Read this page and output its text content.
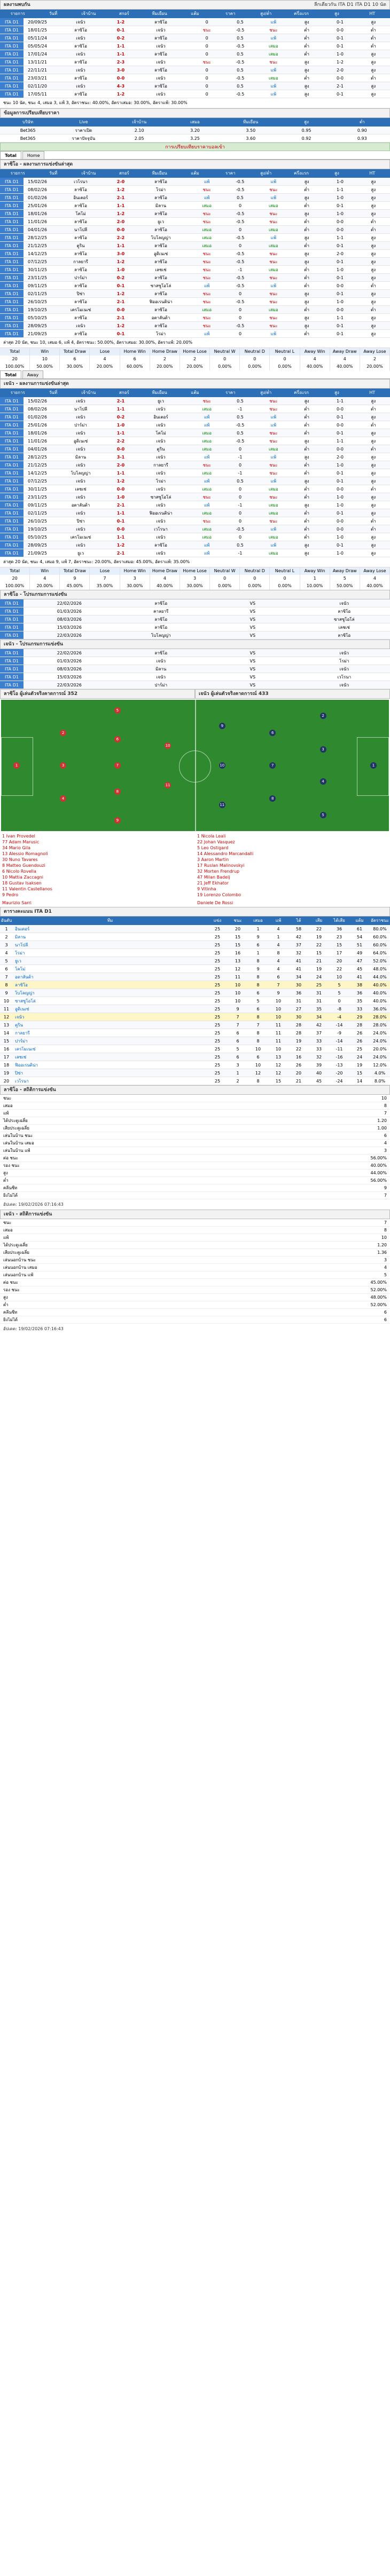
ผลงานพบกัน	ลีกเดียวกัน ITA D1 ITA D1 10 นัด
รายการ	วันที่	เจ้าบ้าน	สกอร์	ทีมเยือน	แต้ม	ราคา	สูง/ต่ำ	ครึ่งแรก	สูง	HT
ITA D1	20/09/25	เจนัว	1-2	ลาซิโอ	0	0.5	แพ้	สูง	0-1	สูง
ITA D1	18/01/25	ลาซิโอ	0-1	เจนัว	ชนะ	-0.5	ชนะ	ต่ำ	0-0	ต่ำ
ITA D1	05/11/24	เจนัว	0-2	ลาซิโอ	0	0.5	แพ้	ต่ำ	0-1	ต่ำ
ITA D1	05/05/24	ลาซิโอ	1-1	เจนัว	0	-0.5	เสมอ	ต่ำ	0-1	ต่ำ
ITA D1	17/01/24	เจนัว	1-1	ลาซิโอ	0	0.5	เสมอ	ต่ำ	1-0	สูง
ITA D1	13/11/21	ลาซิโอ	2-3	เจนัว	ชนะ	-0.5	ชนะ	สูง	1-2	สูง
ITA D1	22/11/21	เจนัว	3-0	ลาซิโอ	0	0.5	แพ้	สูง	2-0	สูง
ITA D1	23/03/21	ลาซิโอ	0-0	เจนัว	0	-0.5	เสมอ	ต่ำ	0-0	ต่ำ
ITA D1	02/11/20	เจนัว	4-3	ลาซิโอ	0	0.5	แพ้	สูง	2-1	สูง
ITA D1	17/05/11	ลาซิโอ	1-2	เจนัว	0	-0.5	แพ้	สูง	0-1	สูง
ชนะ 10 นัด, ชนะ 4, เสมอ 3, แพ้ 3, อัตราชนะ: 40.00%, อัตราเสมอ: 30.00%, อัตราแพ้: 30.00%
ข้อมูลการเปรียบเทียบราคา
บริษัท	Live	เจ้าบ้าน	เสมอ	ทีมเยือน	สูง	ต่ำ
Bet365	ราคาเปิด	2.10	3.20	3.50	0.95	0.90
Bet365	ราคาปัจจุบัน	2.05	3.25	3.60	0.92	0.93
การเปรียบเทียบราคาบอลเข้า
Total	Home
ลาซิโอ - ผลงานการแข่งขันล่าสุด
รายการ	วันที่	เจ้าบ้าน	สกอร์	ทีมเยือน	แต้ม	ราคา	สูง/ต่ำ	ครึ่งแรก	สูง	HT
ITA D1	15/02/26	เวโรนา	2-0	ลาซิโอ	แพ้	-0.5	แพ้	สูง	1-0	สูง
ITA D1	08/02/26	ลาซิโอ	1-2	โรม่า	ชนะ	-0.5	ชนะ	ต่ำ	1-1	สูง
ITA D1	01/02/26	อินเตอร์	2-1	ลาซิโอ	แพ้	0.5	แพ้	สูง	1-0	สูง
ITA D1	25/01/26	ลาซิโอ	1-1	มิลาน	เสมอ	0	เสมอ	ต่ำ	0-1	สูง
ITA D1	18/01/26	โคโม่	1-2	ลาซิโอ	ชนะ	-0.5	ชนะ	สูง	1-0	สูง
ITA D1	11/01/26	ลาซิโอ	2-0	ยูเว	ชนะ	-0.5	ชนะ	ต่ำ	0-0	ต่ำ
ITA D1	04/01/26	นาโปลี	0-0	ลาซิโอ	เสมอ	0	เสมอ	ต่ำ	0-0	ต่ำ
ITA D1	28/12/25	ลาซิโอ	2-2	โบโลญญ่า	เสมอ	-0.5	แพ้	สูง	1-1	สูง
ITA D1	21/12/25	ตูริน	1-1	ลาซิโอ	เสมอ	0	เสมอ	ต่ำ	0-1	สูง
ITA D1	14/12/25	ลาซิโอ	3-0	อูดิเนเซ่	ชนะ	-0.5	ชนะ	สูง	2-0	สูง
ITA D1	07/12/25	กาลยารี	1-2	ลาซิโอ	ชนะ	-0.5	ชนะ	สูง	0-1	สูง
ITA D1	30/11/25	ลาซิโอ	1-0	เลชเช่	ชนะ	-1	เสมอ	ต่ำ	1-0	สูง
ITA D1	23/11/25	ปาร์ม่า	0-2	ลาซิโอ	ชนะ	-0.5	ชนะ	ต่ำ	0-1	สูง
ITA D1	09/11/25	ลาซิโอ	0-1	ซาสซูโอโล่	แพ้	-0.5	แพ้	ต่ำ	0-0	ต่ำ
ITA D1	02/11/25	ปิซ่า	1-2	ลาซิโอ	ชนะ	0	ชนะ	สูง	0-1	สูง
ITA D1	26/10/25	ลาซิโอ	2-1	ฟิออเรนติน่า	ชนะ	-0.5	ชนะ	สูง	1-0	สูง
ITA D1	19/10/25	เครโมเนเซ่	0-0	ลาซิโอ	เสมอ	0	เสมอ	ต่ำ	0-0	ต่ำ
ITA D1	05/10/25	ลาซิโอ	2-1	อตาลันต้า	ชนะ	0	ชนะ	สูง	1-1	สูง
ITA D1	28/09/25	เจนัว	1-2	ลาซิโอ	ชนะ	-0.5	ชนะ	สูง	0-1	สูง
ITA D1	21/09/25	ลาซิโอ	0-1	โรม่า	แพ้	0	แพ้	ต่ำ	0-1	สูง
ล่าสุด 20 นัด, ชนะ 10, เสมอ 6, แพ้ 4, อัตราชนะ: 50.00%, อัตราเสมอ: 30.00%, อัตราแพ้: 20.00%
Total	Win	Total Draw	Lose	Home Win	Home Draw	Home Lose	Neutral W	Neutral D	Neutral L	Away Win	Away Draw	Away Lose
20	10	6	4	6	2	2	0	0	0	4	4	2
100.00%	50.00%	30.00%	20.00%	60.00%	20.00%	20.00%	0.00%	0.00%	0.00%	40.00%	40.00%	20.00%
Total	Away
เจนัว - ผลงานการแข่งขันล่าสุด
รายการ	วันที่	เจ้าบ้าน	สกอร์	ทีมเยือน	แต้ม	ราคา	สูง/ต่ำ	ครึ่งแรก	สูง	HT
ITA D1	15/02/26	เจนัว	2-1	ยูเว	ชนะ	0.5	ชนะ	สูง	1-1	สูง
ITA D1	08/02/26	นาโปลี	1-1	เจนัว	เสมอ	-1	ชนะ	ต่ำ	0-0	ต่ำ
ITA D1	01/02/26	เจนัว	0-2	อินเตอร์	แพ้	0.5	แพ้	ต่ำ	0-1	สูง
ITA D1	25/01/26	ปาร์ม่า	1-0	เจนัว	แพ้	-0.5	แพ้	ต่ำ	0-0	ต่ำ
ITA D1	18/01/26	เจนัว	1-1	โคโม่	เสมอ	0.5	ชนะ	ต่ำ	0-1	สูง
ITA D1	11/01/26	อูดิเนเซ่	2-2	เจนัว	เสมอ	-0.5	ชนะ	สูง	1-1	สูง
ITA D1	04/01/26	เจนัว	0-0	ตูริน	เสมอ	0	เสมอ	ต่ำ	0-0	ต่ำ
ITA D1	28/12/25	มิลาน	3-1	เจนัว	แพ้	-1	แพ้	สูง	2-0	สูง
ITA D1	21/12/25	เจนัว	2-0	กาลยารี	ชนะ	0	ชนะ	ต่ำ	1-0	สูง
ITA D1	14/12/25	โบโลญญ่า	1-1	เจนัว	เสมอ	-1	ชนะ	ต่ำ	0-1	สูง
ITA D1	07/12/25	เจนัว	1-2	โรม่า	แพ้	0.5	แพ้	สูง	0-1	สูง
ITA D1	30/11/25	เลชเช่	0-0	เจนัว	เสมอ	0	เสมอ	ต่ำ	0-0	ต่ำ
ITA D1	23/11/25	เจนัว	1-0	ซาสซูโอโล่	ชนะ	0	ชนะ	ต่ำ	1-0	สูง
ITA D1	09/11/25	อตาลันต้า	2-1	เจนัว	แพ้	-1	เสมอ	สูง	1-0	สูง
ITA D1	02/11/25	เจนัว	1-1	ฟิออเรนติน่า	เสมอ	0	เสมอ	ต่ำ	0-1	สูง
ITA D1	26/10/25	ปิซ่า	0-1	เจนัว	ชนะ	0	ชนะ	ต่ำ	0-0	ต่ำ
ITA D1	19/10/25	เจนัว	0-0	เวโรนา	เสมอ	-0.5	แพ้	ต่ำ	0-0	ต่ำ
ITA D1	05/10/25	เครโมเนเซ่	1-1	เจนัว	เสมอ	0	เสมอ	ต่ำ	1-0	สูง
ITA D1	28/09/25	เจนัว	1-2	ลาซิโอ	แพ้	0.5	แพ้	สูง	0-1	สูง
ITA D1	21/09/25	ยูเว	2-1	เจนัว	แพ้	-1	เสมอ	สูง	1-0	สูง
ล่าสุด 20 นัด, ชนะ 4, เสมอ 9, แพ้ 7, อัตราชนะ: 20.00%, อัตราเสมอ: 45.00%, อัตราแพ้: 35.00%
Total	Win	Total Draw	Lose	Home Win	Home Draw	Home Lose	Neutral W	Neutral D	Neutral L	Away Win	Away Draw	Away Lose
20	4	9	7	3	4	3	0	0	0	1	5	4
100.00%	20.00%	45.00%	35.00%	30.00%	40.00%	30.00%	0.00%	0.00%	0.00%	10.00%	50.00%	40.00%
ลาซิโอ - โปรแกรมการแข่งขัน
ITA D1	22/02/2026	ลาซิโอ	VS	เจนัว
ITA D1	01/03/2026	คาลยารี	VS	ลาซิโอ
ITA D1	08/03/2026	ลาซิโอ	VS	ซาสซูโอโล่
ITA D1	15/03/2026	ลาซิโอ	VS	เลชเช่
ITA D1	22/03/2026	โบโลญญ่า	VS	ลาซิโอ
เจนัว - โปรแกรมการแข่งขัน
ITA D1	22/02/2026	ลาซิโอ	VS	เจนัว
ITA D1	01/03/2026	เจนัว	VS	โรม่า
ITA D1	08/03/2026	มิลาน	VS	เจนัว
ITA D1	15/03/2026	เจนัว	VS	เวโรนา
ITA D1	22/03/2026	ปาร์ม่า	VS	เจนัว
ลาซิโอ ผู้เล่นตัวจริงคาดการณ์ 352	เจนัว ผู้เล่นตัวจริงคาดการณ์ 433
1
2
3
4
5
6
7
8
9
10
11
1
2
3
4
5
6
7
8
9
10
11
1 Ivan Provedel
77 Adam Marusic
34 Mario Gila
13 Alessio Romagnoli
30 Nuno Tavares
8 Matteo Guendouzi
6 Nicolo Rovella
10 Mattia Zaccagni
18 Gustav Isaksen
11 Valentin Castellanos
9 Pedro
1 Nicola Leali
22 Johan Vasquez
5 Leo Ostigard
14 Alessandro Marcandalli
3 Aaron Martin
17 Ruslan Malinovskyi
32 Morten Frendrup
47 Milan Badelj
21 Jeff Ekhator
9 Vitinha
19 Lorenzo Colombo
Maurizio Sarri	Daniele De Rossi
ตารางคะแนน ITA D1
อันดับ	ทีม	แข่ง	ชนะ	เสมอ	แพ้	ได้	เสีย	ได้เสีย	แต้ม	อัตราชนะ
1	อินเตอร์	25	20	1	4	58	22	36	61	80.0%
2	มิลาน	25	15	9	1	42	19	23	54	60.0%
3	นาโปลี	25	15	6	4	37	22	15	51	60.0%
4	โรม่า	25	16	1	8	32	15	17	49	64.0%
5	ยูเว	25	13	8	4	41	21	20	47	52.0%
6	โคโม่	25	12	9	4	41	19	22	45	48.0%
7	อตาลันต้า	25	11	8	6	34	24	10	41	44.0%
8	ลาซิโอ	25	10	8	7	30	25	5	38	40.0%
9	โบโลญญ่า	25	10	6	9	36	31	5	36	40.0%
10	ซาสซูโอโล่	25	10	5	10	31	31	0	35	40.0%
11	อูดิเนเซ่	25	9	6	10	27	35	-8	33	36.0%
12	เจนัว	25	7	8	10	30	34	-4	29	28.0%
13	ตูริน	25	7	7	11	28	42	-14	28	28.0%
14	กาลยารี	25	6	8	11	28	37	-9	26	24.0%
15	ปาร์ม่า	25	6	8	11	19	33	-14	26	24.0%
16	เครโมเนเซ่	25	5	10	10	22	33	-11	25	20.0%
17	เลชเช่	25	6	6	13	16	32	-16	24	24.0%
18	ฟิออเรนติน่า	25	3	10	12	26	39	-13	19	12.0%
19	ปิซ่า	25	1	12	12	20	40	-20	15	4.0%
20	เวโรนา	25	2	8	15	21	45	-24	14	8.0%
ลาซิโอ - สถิติการแข่งขัน
ชนะ	10
เสมอ	8
แพ้	7
ได้ประตูเฉลี่ย	1.20
เสียประตูเฉลี่ย	1.00
เล่นในบ้าน ชนะ	6
เล่นในบ้าน เสมอ	4
เล่นในบ้าน แพ้	3
ต่อ ชนะ	56.00%
รอง ชนะ	40.00%
สูง	44.00%
ต่ำ	56.00%
คลีนชีท	9
ยิงไม่ได้	7
อัปเดต: 19/02/2026 07:16:43
เจนัว - สถิติการแข่งขัน
ชนะ	7
เสมอ	8
แพ้	10
ได้ประตูเฉลี่ย	1.20
เสียประตูเฉลี่ย	1.36
เล่นนอกบ้าน ชนะ	3
เล่นนอกบ้าน เสมอ	4
เล่นนอกบ้าน แพ้	5
ต่อ ชนะ	45.00%
รอง ชนะ	52.00%
สูง	48.00%
ต่ำ	52.00%
คลีนชีท	6
ยิงไม่ได้	6
อัปเดต: 19/02/2026 07:16:43
